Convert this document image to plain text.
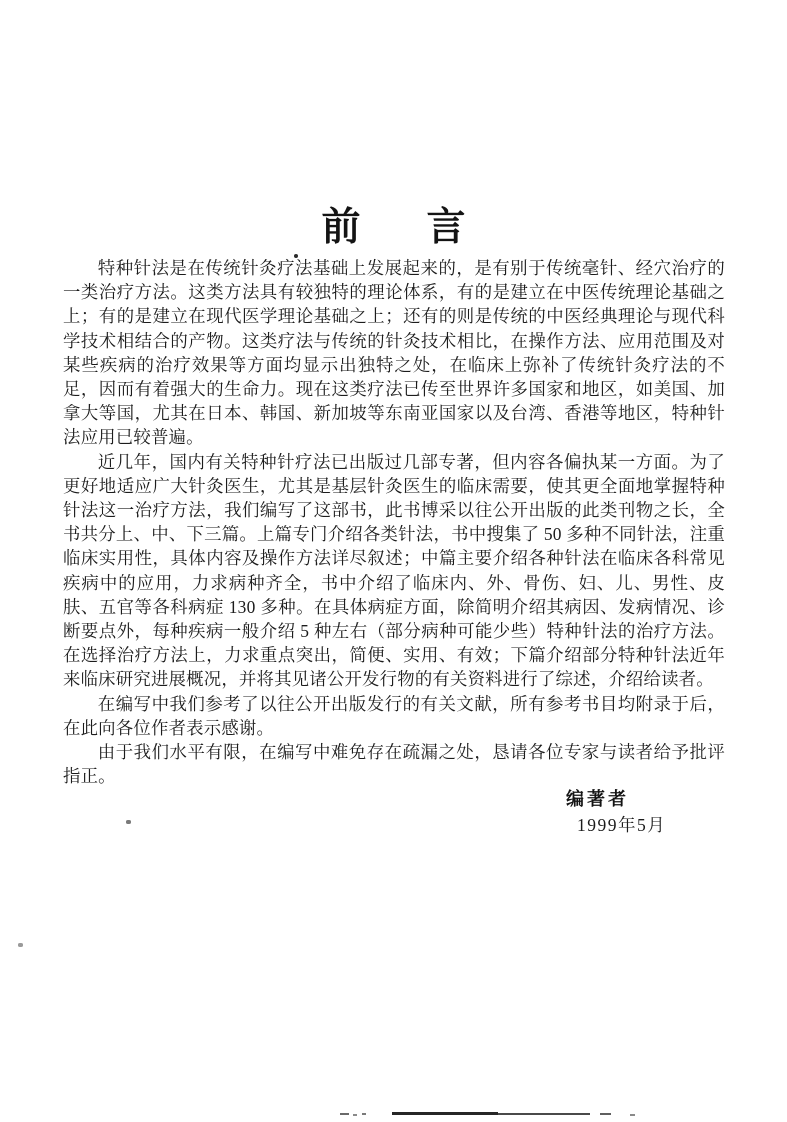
前言

特种针法是在传统针灸疗法基础上发展起来的，是有别于传统毫针、经穴治疗的一类治疗方法。这类方法具有较独特的理论体系，有的是建立在中医传统理论基础之上；有的是建立在现代医学理论基础之上；还有的则是传统的中医经典理论与现代科学技术相结合的产物。这类疗法与传统的针灸技术相比，在操作方法、应用范围及对某些疾病的治疗效果等方面均显示出独特之处，在临床上弥补了传统针灸疗法的不足，因而有着强大的生命力。现在这类疗法已传至世界许多国家和地区，如美国、加拿大等国，尤其在日本、韩国、新加坡等东南亚国家以及台湾、香港等地区，特种针法应用已较普遍。

近几年，国内有关特种针疗法已出版过几部专著，但内容各偏执某一方面。为了更好地适应广大针灸医生，尤其是基层针灸医生的临床需要，使其更全面地掌握特种针法这一治疗方法，我们编写了这部书，此书博采以往公开出版的此类刊物之长，全书共分上、中、下三篇。上篇专门介绍各类针法，书中搜集了 50 多种不同针法，注重临床实用性，具体内容及操作方法详尽叙述；中篇主要介绍各种针法在临床各科常见疾病中的应用，力求病种齐全，书中介绍了临床内、外、骨伤、妇、儿、男性、皮肤、五官等各科病症 130 多种。在具体病症方面，除简明介绍其病因、发病情况、诊断要点外，每种疾病一般介绍 5 种左右（部分病种可能少些）特种针法的治疗方法。在选择治疗方法上，力求重点突出，简便、实用、有效；下篇介绍部分特种针法近年来临床研究进展概况，并将其见诸公开发行物的有关资料进行了综述，介绍给读者。

在编写中我们参考了以往公开出版发行的有关文献，所有参考书目均附录于后，在此向各位作者表示感谢。

由于我们水平有限，在编写中难免存在疏漏之处，恳请各位专家与读者给予批评指正。

编著者
1999年5月
